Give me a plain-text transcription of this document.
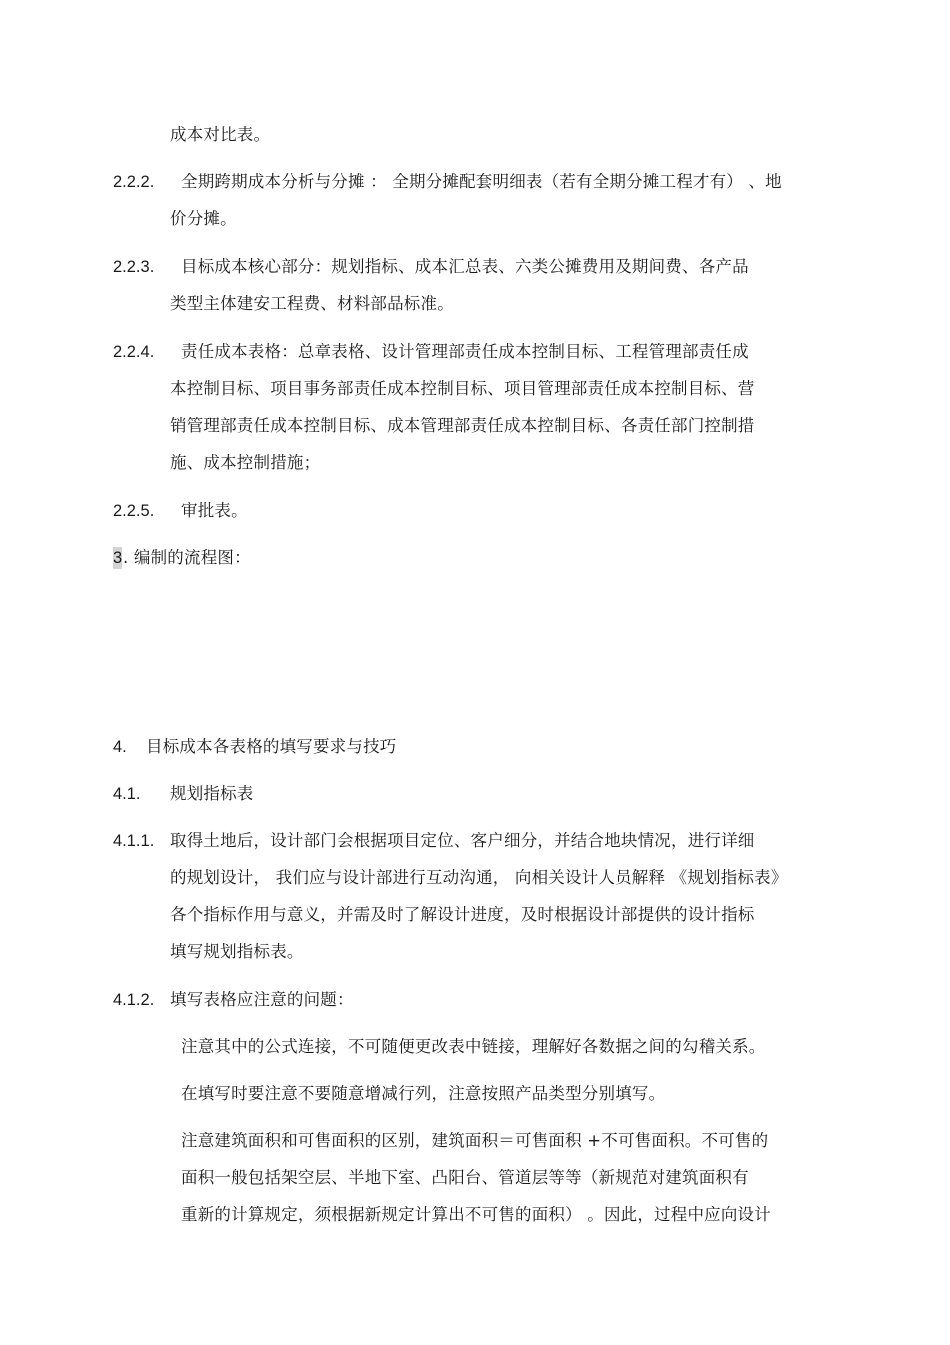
成本对比表。
2.2.2. 全期跨期成本分析与分摊 ： 全期分摊配套明细表（若有全期分摊工程才有） 、地
价分摊。
2.2.3. 目标成本核心部分：规划指标、成本汇总表、六类公摊费用及期间费、各产品
类型主体建安工程费、材料部品标准。
2.2.4. 责任成本表格：总章表格、设计管理部责任成本控制目标、工程管理部责任成
本控制目标、项目事务部责任成本控制目标、项目管理部责任成本控制目标、营
销管理部责任成本控制目标、成本管理部责任成本控制目标、各责任部门控制措
施、成本控制措施；
2.2.5. 审批表。
3 . 编制的流程图：
4. 目标成本各表格的填写要求与技巧
4.1. 规划指标表
4.1.1. 取得土地后，设计部门会根据项目定位、客户细分，并结合地块情况，进行详细
的规划设计， 我们应与设计部进行互动沟通， 向相关设计人员解释 《规划指标表》
各个指标作用与意义，并需及时了解设计进度，及时根据设计部提供的设计指标
填写规划指标表。
4.1.2. 填写表格应注意的问题：
注意其中的公式连接，不可随便更改表中链接，理解好各数据之间的勾稽关系。
在填写时要注意不要随意增减行列，注意按照产品类型分别填写。
注意建筑面积和可售面积的区别，建筑面积＝可售面积 +不可售面积。不可售的
面积一般包括架空层、半地下室、凸阳台、管道层等等（新规范对建筑面积有
重新的计算规定，须根据新规定计算出不可售的面积） 。因此，过程中应向设计
